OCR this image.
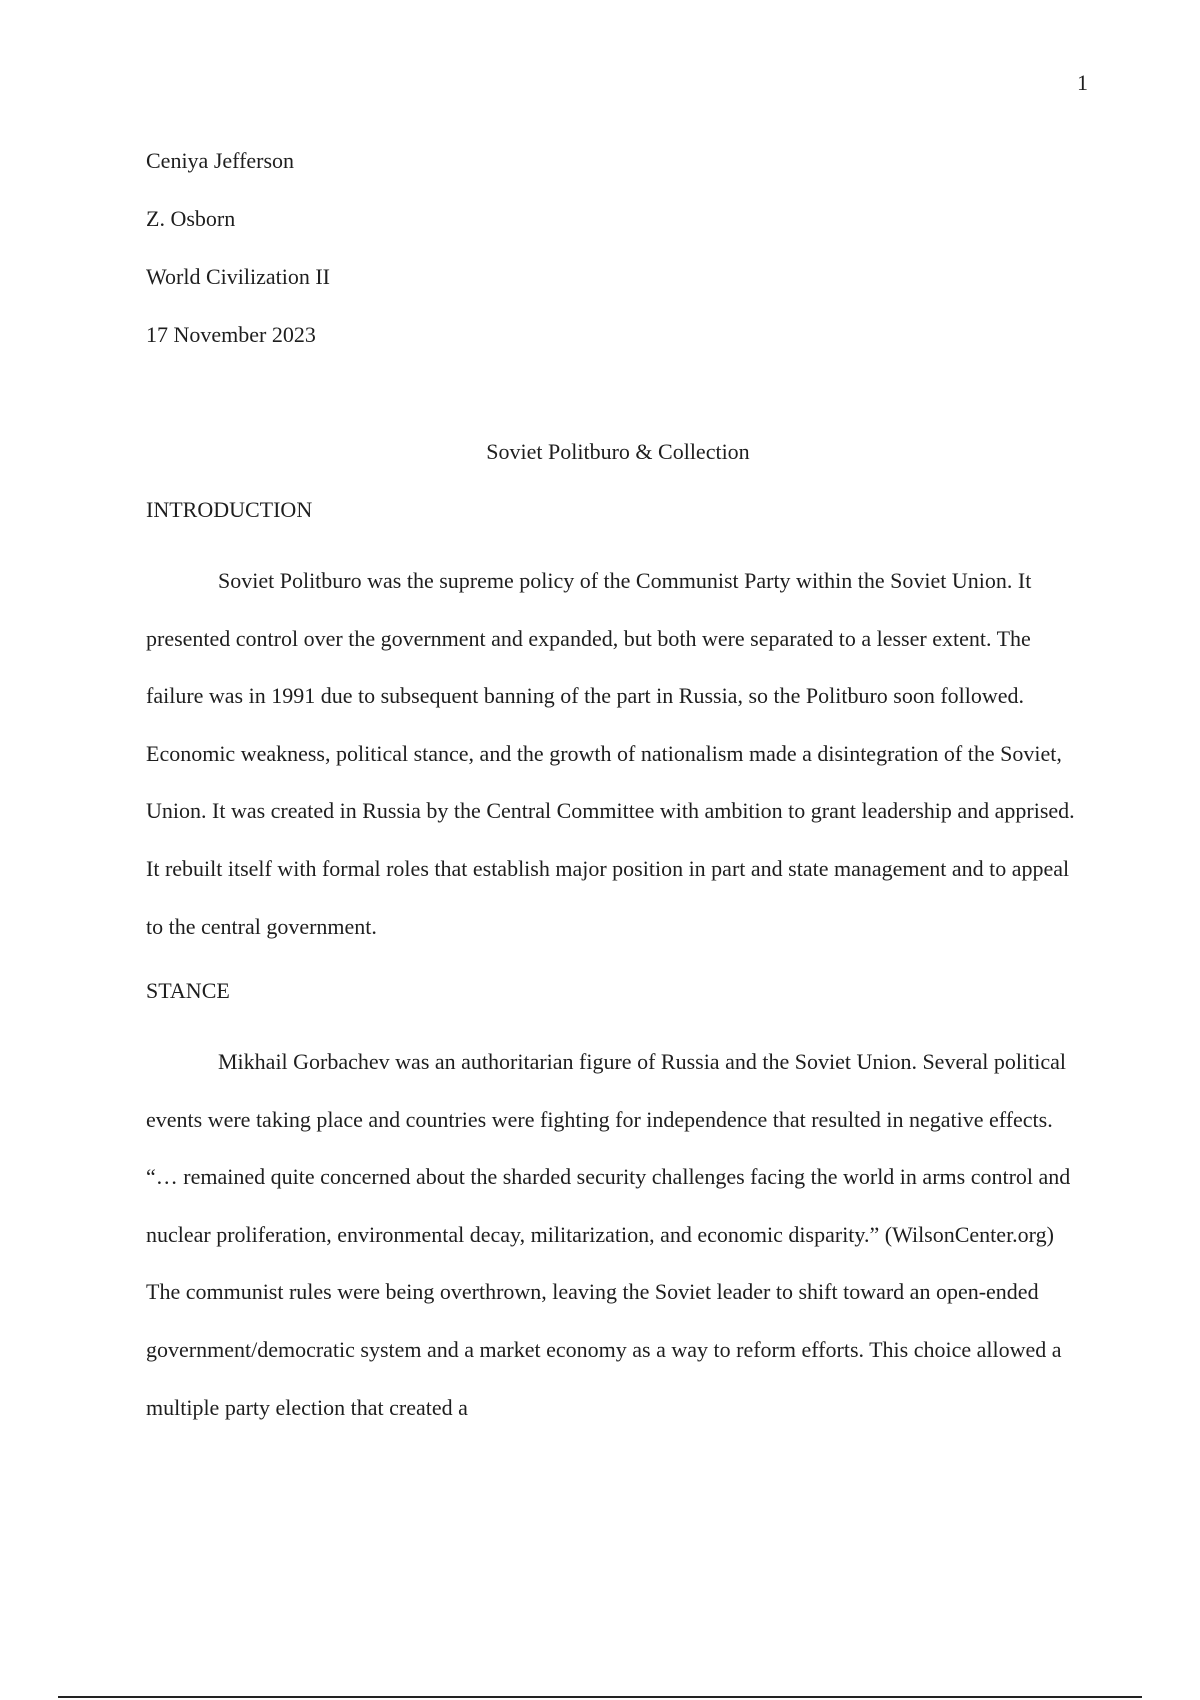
1
Ceniya Jefferson
Z. Osborn
World Civilization II
17 November 2023
Soviet Politburo & Collection
INTRODUCTION

Soviet Politburo was the supreme policy of the Communist Party within the Soviet Union. It presented control over the government and expanded, but both were separated to a lesser extent. The failure was in 1991 due to subsequent banning of the part in Russia, so the Politburo soon followed. Economic weakness, political stance, and the growth of nationalism made a disintegration of the Soviet, Union. It was created in Russia by the Central Committee with ambition to grant leadership and apprised. It rebuilt itself with formal roles that establish major position in part and state management and to appeal to the central government.

STANCE

Mikhail Gorbachev was an authoritarian figure of Russia and the Soviet Union. Several political events were taking place and countries were fighting for independence that resulted in negative effects. “… remained quite concerned about the sharded security challenges facing the world in arms control and nuclear proliferation, environmental decay, militarization, and economic disparity.” (WilsonCenter.org) The communist rules were being overthrown, leaving the Soviet leader to shift toward an open-ended government/democratic system and a market economy as a way to reform efforts. This choice allowed a multiple party election that created a
